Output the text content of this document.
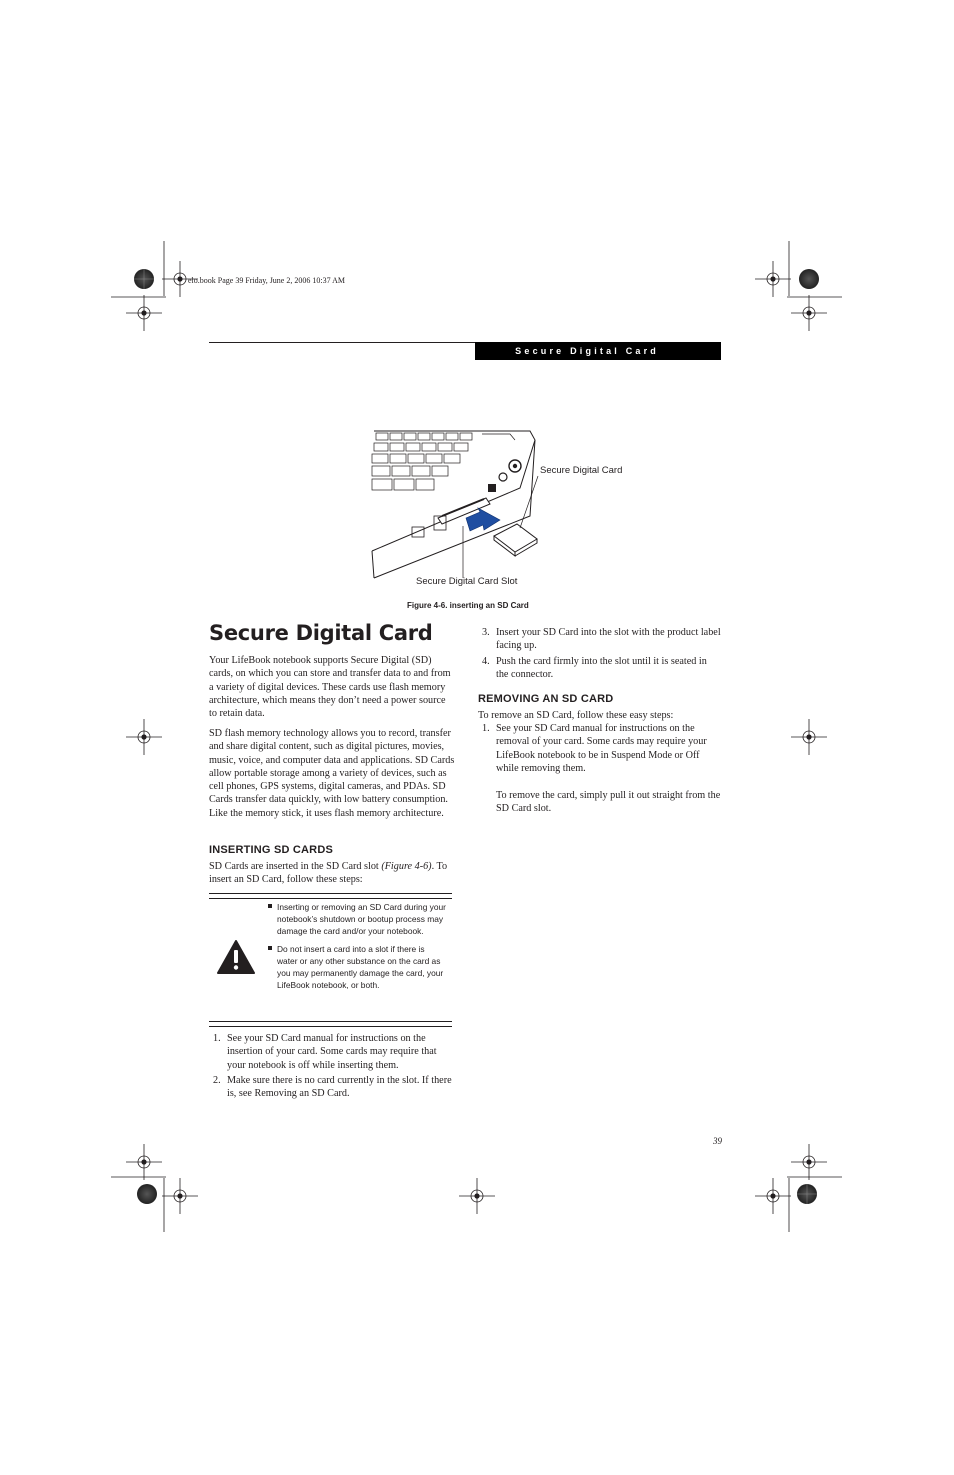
elo.book Page 39 Friday, June 2, 2006 10:37 AM
Secure Digital Card
Secure Digital Card
Secure Digital Card Slot
Figure 4-6. inserting an SD Card
Secure Digital Card

Your LifeBook notebook supports Secure Digital (SD) cards, on which you can store and transfer data to and from a variety of digital devices. These cards use flash memory architecture, which means they don’t need a power source to retain data.

SD flash memory technology allows you to record, transfer and share digital content, such as digital pictures, movies, music, voice, and computer data and applications. SD Cards allow portable storage among a variety of devices, such as cell phones, GPS systems, digital cameras, and PDAs. SD Cards transfer data quickly, with low battery consumption. Like the memory stick, it uses flash memory architecture.

INSERTING SD CARDS

SD Cards are inserted in the SD Card slot (Figure 4-6). To insert an SD Card, follow these steps:

Inserting or removing an SD Card during your notebook’s shutdown or bootup process may damage the card and/or your notebook.
Do not insert a card into a slot if there is water or any other substance on the card as you may permanently damage the card, your LifeBook notebook, or both.
1. See your SD Card manual for instructions on the insertion of your card. Some cards may require that your notebook is off while inserting them.
2. Make sure there is no card currently in the slot. If there is, see Removing an SD Card.
3. Insert your SD Card into the slot with the product label facing up.
4. Push the card firmly into the slot until it is seated in the connector.
REMOVING AN SD CARD
To remove an SD Card, follow these easy steps:
1. See your SD Card manual for instructions on the removal of your card. Some cards may require your LifeBook notebook to be in Suspend Mode or Off while removing them.
To remove the card, simply pull it out straight from the SD Card slot.
39
